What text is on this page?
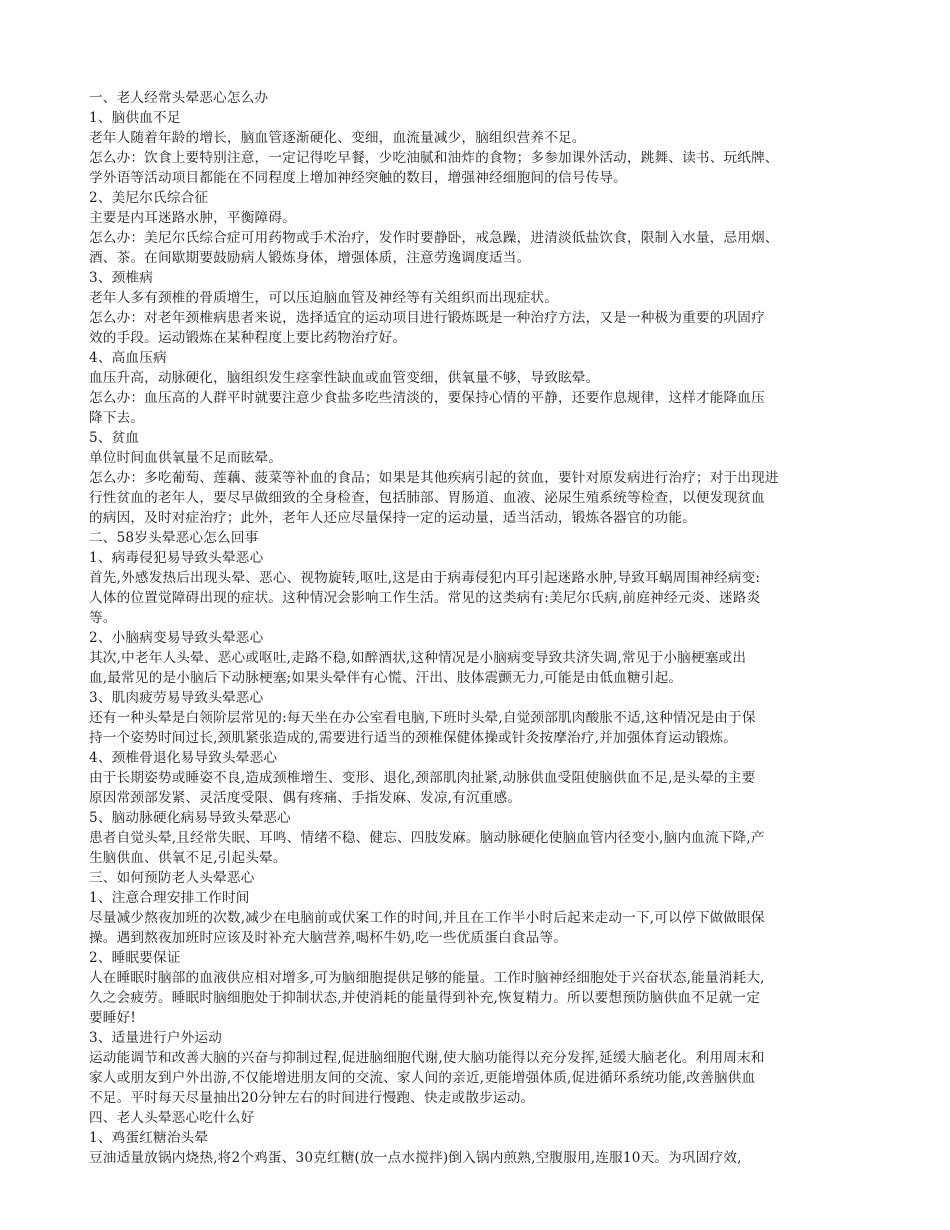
一、老人经常头晕恶心怎么办
1、脑供血不足
老年人随着年龄的增长，脑血管逐渐硬化、变细，血流量减少，脑组织营养不足。
怎么办：饮食上要特别注意，一定记得吃早餐，少吃油腻和油炸的食物；多参加课外活动，跳舞、读书、玩纸牌、
学外语等活动项目都能在不同程度上增加神经突触的数目，增强神经细胞间的信号传导。
2、美尼尔氏综合征
主要是内耳迷路水肿，平衡障碍。
怎么办：美尼尔氏综合症可用药物或手术治疗，发作时要静卧，戒急躁，进清淡低盐饮食，限制入水量，忌用烟、
酒、茶。在间歇期要鼓励病人锻炼身体，增强体质，注意劳逸调度适当。
3、颈椎病
老年人多有颈椎的骨质增生，可以压迫脑血管及神经等有关组织而出现症状。
怎么办：对老年颈椎病患者来说，选择适宜的运动项目进行锻炼既是一种治疗方法，又是一种极为重要的巩固疗
效的手段。运动锻炼在某种程度上要比药物治疗好。
4、高血压病
血压升高，动脉硬化，脑组织发生痉挛性缺血或血管变细，供氧量不够，导致眩晕。
怎么办：血压高的人群平时就要注意少食盐多吃些清淡的，要保持心情的平静，还要作息规律，这样才能降血压
降下去。
5、贫血
单位时间血供氧量不足而眩晕。
怎么办：多吃葡萄、莲藕、菠菜等补血的食品；如果是其他疾病引起的贫血，要针对原发病进行治疗；对于出现进
行性贫血的老年人，要尽早做细致的全身检查，包括肺部、胃肠道、血液、泌尿生殖系统等检查，以便发现贫血
的病因，及时对症治疗；此外，老年人还应尽量保持一定的运动量，适当活动，锻炼各器官的功能。
二、58岁头晕恶心怎么回事
1、病毒侵犯易导致头晕恶心
首先,外感发热后出现头晕、恶心、视物旋转,呕吐,这是由于病毒侵犯内耳引起迷路水肿,导致耳蜗周围神经病变:
人体的位置觉障碍出现的症状。这种情况会影响工作生活。常见的这类病有:美尼尔氏病,前庭神经元炎、迷路炎
等。
2、小脑病变易导致头晕恶心
其次,中老年人头晕、恶心或呕吐,走路不稳,如醉酒状,这种情况是小脑病变导致共济失调,常见于小脑梗塞或出
血,最常见的是小脑后下动脉梗塞;如果头晕伴有心慌、汗出、肢体震颤无力,可能是由低血糖引起。
3、肌肉疲劳易导致头晕恶心
还有一种头晕是白领阶层常见的:每天坐在办公室看电脑,下班时头晕,自觉颈部肌肉酸胀不适,这种情况是由于保
持一个姿势时间过长,颈肌紧张造成的,需要进行适当的颈椎保健体操或针灸按摩治疗,并加强体育运动锻炼。
4、颈椎骨退化易导致头晕恶心
由于长期姿势或睡姿不良,造成颈椎增生、变形、退化,颈部肌肉扯紧,动脉供血受阻使脑供血不足,是头晕的主要
原因常颈部发紧、灵活度受限、偶有疼痛、手指发麻、发凉,有沉重感。
5、脑动脉硬化病易导致头晕恶心
患者自觉头晕,且经常失眠、耳鸣、情绪不稳、健忘、四肢发麻。脑动脉硬化使脑血管内径变小,脑内血流下降,产
生脑供血、供氧不足,引起头晕。
三、如何预防老人头晕恶心
1、注意合理安排工作时间
尽量减少熬夜加班的次数,减少在电脑前或伏案工作的时间,并且在工作半小时后起来走动一下,可以停下做做眼保
操。遇到熬夜加班时应该及时补充大脑营养,喝杯牛奶,吃一些优质蛋白食品等。
2、睡眠要保证
人在睡眠时脑部的血液供应相对增多,可为脑细胞提供足够的能量。工作时脑神经细胞处于兴奋状态,能量消耗大,
久之会疲劳。睡眠时脑细胞处于抑制状态,并使消耗的能量得到补充,恢复精力。所以要想预防脑供血不足就一定
要睡好!
3、适量进行户外运动
运动能调节和改善大脑的兴奋与抑制过程,促进脑细胞代谢,使大脑功能得以充分发挥,延缓大脑老化。利用周末和
家人或朋友到户外出游,不仅能增进朋友间的交流、家人间的亲近,更能增强体质,促进循环系统功能,改善脑供血
不足。平时每天尽量抽出20分钟左右的时间进行慢跑、快走或散步运动。
四、老人头晕恶心吃什么好
1、鸡蛋红糖治头晕
豆油适量放锅内烧热,将2个鸡蛋、30克红糖(放一点水搅拌)倒入锅内煎熟,空腹服用,连服10天。为巩固疗效,
